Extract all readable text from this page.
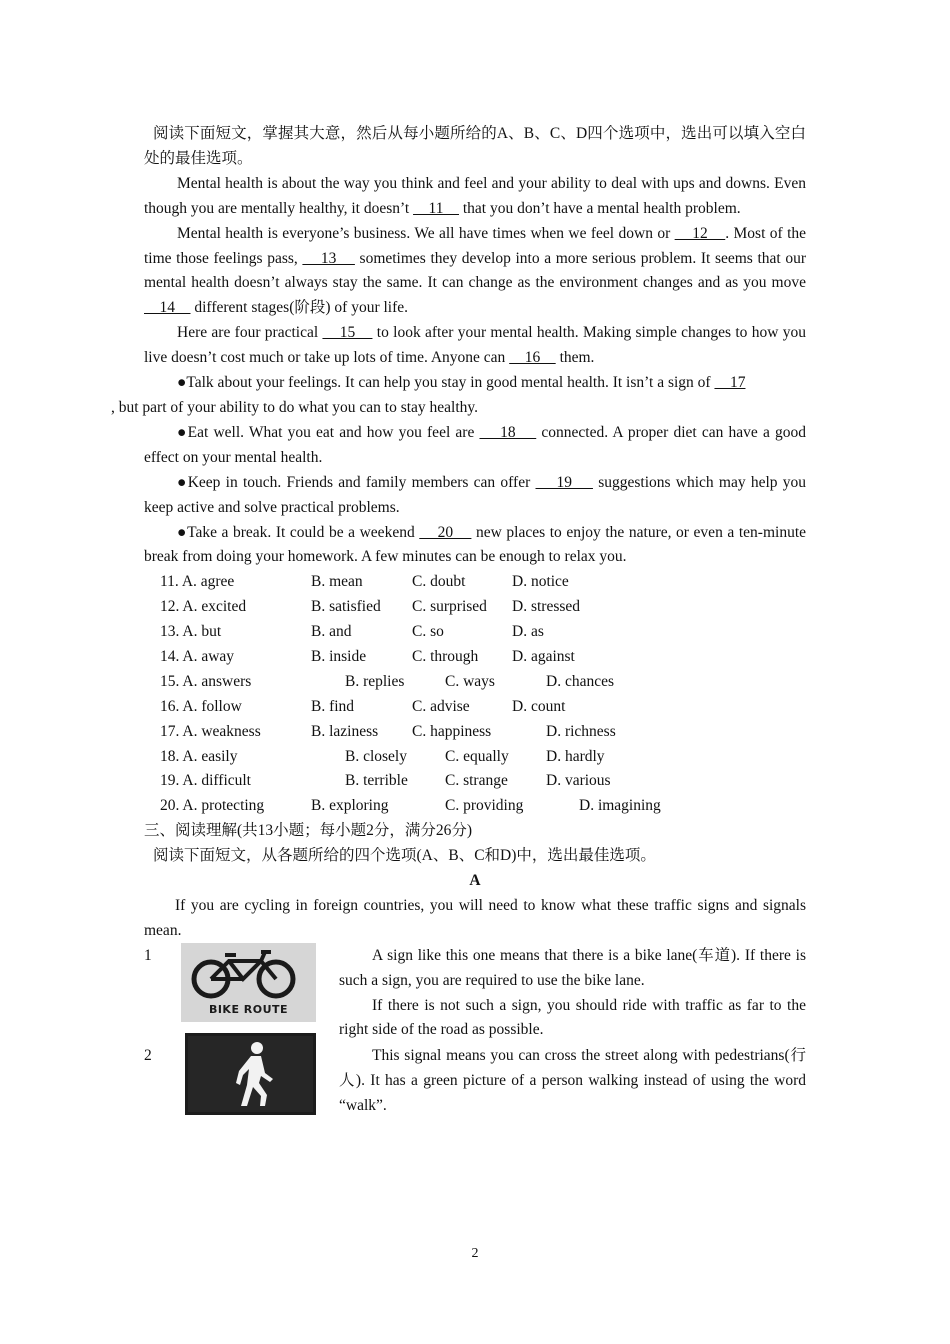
阅读下面短文，掌握其大意，然后从每小题所给的A、B、C、D四个选项中，选出可以填入空白处的最佳选项。

Mental health is about the way you think and feel and your ability to deal with ups and downs. Even though you are mentally healthy, it doesn’t     11     that you don’t have a mental health problem.

Mental health is everyone’s business. We all have times when we feel down or     12    . Most of the time those feelings pass,     13     sometimes they develop into a more serious problem. It seems that our mental health doesn’t always stay the same. It can change as the environment changes and as you move     14     different stages(阶段) of your life.

Here are four practical     15     to look after your mental health. Making simple changes to how you live doesn’t cost much or take up lots of time. Anyone can     16     them.

●Talk about your feelings. It can help you stay in good mental health. It isn’t a sign of     17
, but part of your ability to do what you can to stay healthy.

●Eat well. What you eat and how you feel are     18     connected. A proper diet can have a good effect on your mental health.

●Keep in touch. Friends and family members can offer     19     suggestions which may help you keep active and solve practical problems.

●Take a break. It could be a weekend     20     new places to enjoy the nature, or even a ten-minute break from doing your homework. A few minutes can be enough to relax you.

11. A. agree	B. mean	C. doubt	D. notice
12. A. excited	B. satisfied C. surprised D. stressed
13. A. but	B. and	C. so	D. as
14. A. away	B. inside	C. through D. against
15. A. answers	B. replies	C. ways	D. chances
16. A. follow	B. find	C. advise	D. count
17. A. weakness	B. laziness C. happiness	D. richness
18. A. easily	B. closely C. equally D. hardly
19. A. difficult	B. terrible C. strange D. various
20. A. protecting	B. exploring	C. providing	D. imagining

三、阅读理解(共13小题；每小题2分，满分26分)

阅读下面短文，从各题所给的四个选项(A、B、C和D)中，选出最佳选项。

A

If you are cycling in foreign countries, you will need to know what these traffic signs and signals mean.

1
BIKE ROUTE

A sign like this one means that there is a bike lane(车道). If there is such a sign, you are required to use the bike lane.

If there is not such a sign, you should ride with traffic as far to the right side of the road as possible.

2	This signal means you can cross the street along with pedestrians(行人). It has a green picture of a person walking instead of using the word “walk”.

2
